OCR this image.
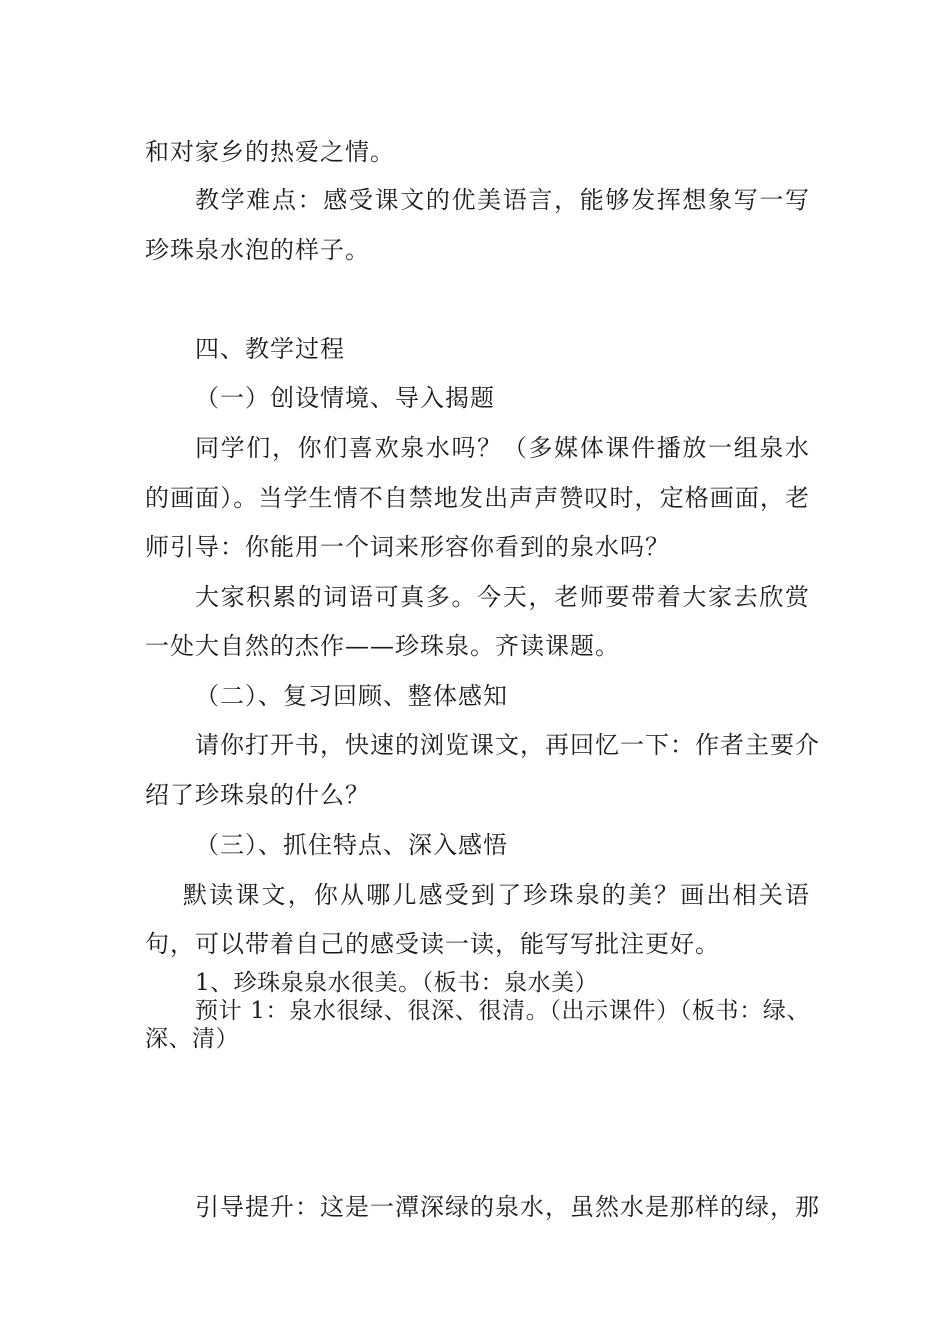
和对家乡的热爱之情。
教学难点：感受课文的优美语言，能够发挥想象写一写
珍珠泉水泡的样子。
四、教学过程
（一）创设情境、导入揭题
同学们，你们喜欢泉水吗？（多媒体课件播放一组泉水
的画面）。当学生情不自禁地发出声声赞叹时，定格画面，老
师引导：你能用一个词来形容你看到的泉水吗？
大家积累的词语可真多。今天，老师要带着大家去欣赏
一处大自然的杰作——珍珠泉。齐读课题。
（二）、复习回顾、整体感知
请你打开书，快速的浏览课文，再回忆一下：作者主要介
绍了珍珠泉的什么？
（三）、抓住特点、深入感悟
默读课文，你从哪儿感受到了珍珠泉的美？画出相关语
句，可以带着自己的感受读一读，能写写批注更好。
1、珍珠泉泉水很美。（板书：泉水美）
预计 1：泉水很绿、很深、很清。（出示课件）（板书：绿、
深、清）
引导提升：这是一潭深绿的泉水，虽然水是那样的绿，那
